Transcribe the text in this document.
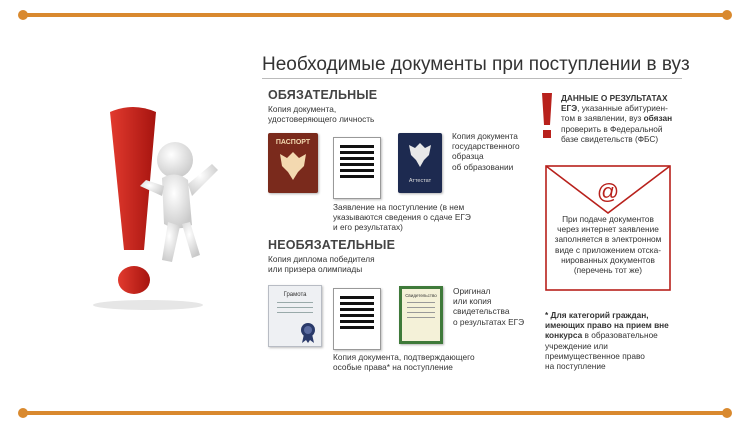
Необходимые документы при поступлении в вуз
ОБЯЗАТЕЛЬНЫЕ
Копия документа,
удостоверяющего личность
ПАСПОРТ
Аттестат
Копия документа
государственного
образца
об образовании
Заявление на поступление (в нем
указываются сведения о сдаче ЕГЭ
и его результатах)
НЕОБЯЗАТЕЛЬНЫЕ
Копия диплома победителя
или призера олимпиады
Грамота	Свидетельство	Оригинал
или копия
свидетельства
о результатах ЕГЭ
Копия документа, подтверждающего
особые права* на поступление
ДАННЫЕ О РЕЗУЛЬТАТАХ
ЕГЭ, указанные абитуриен-
том в заявлении, вуз обязан
проверить в Федеральной
базе свидетельств (ФБС)
@
При подаче документов
через интернет заявление
заполняется в электронном
виде с приложением отска-
нированных документов
(перечень тот же)
* Для категорий граждан,
имеющих право на прием вне
конкурса в образовательное
учреждение или
преимущественное право
на поступление
